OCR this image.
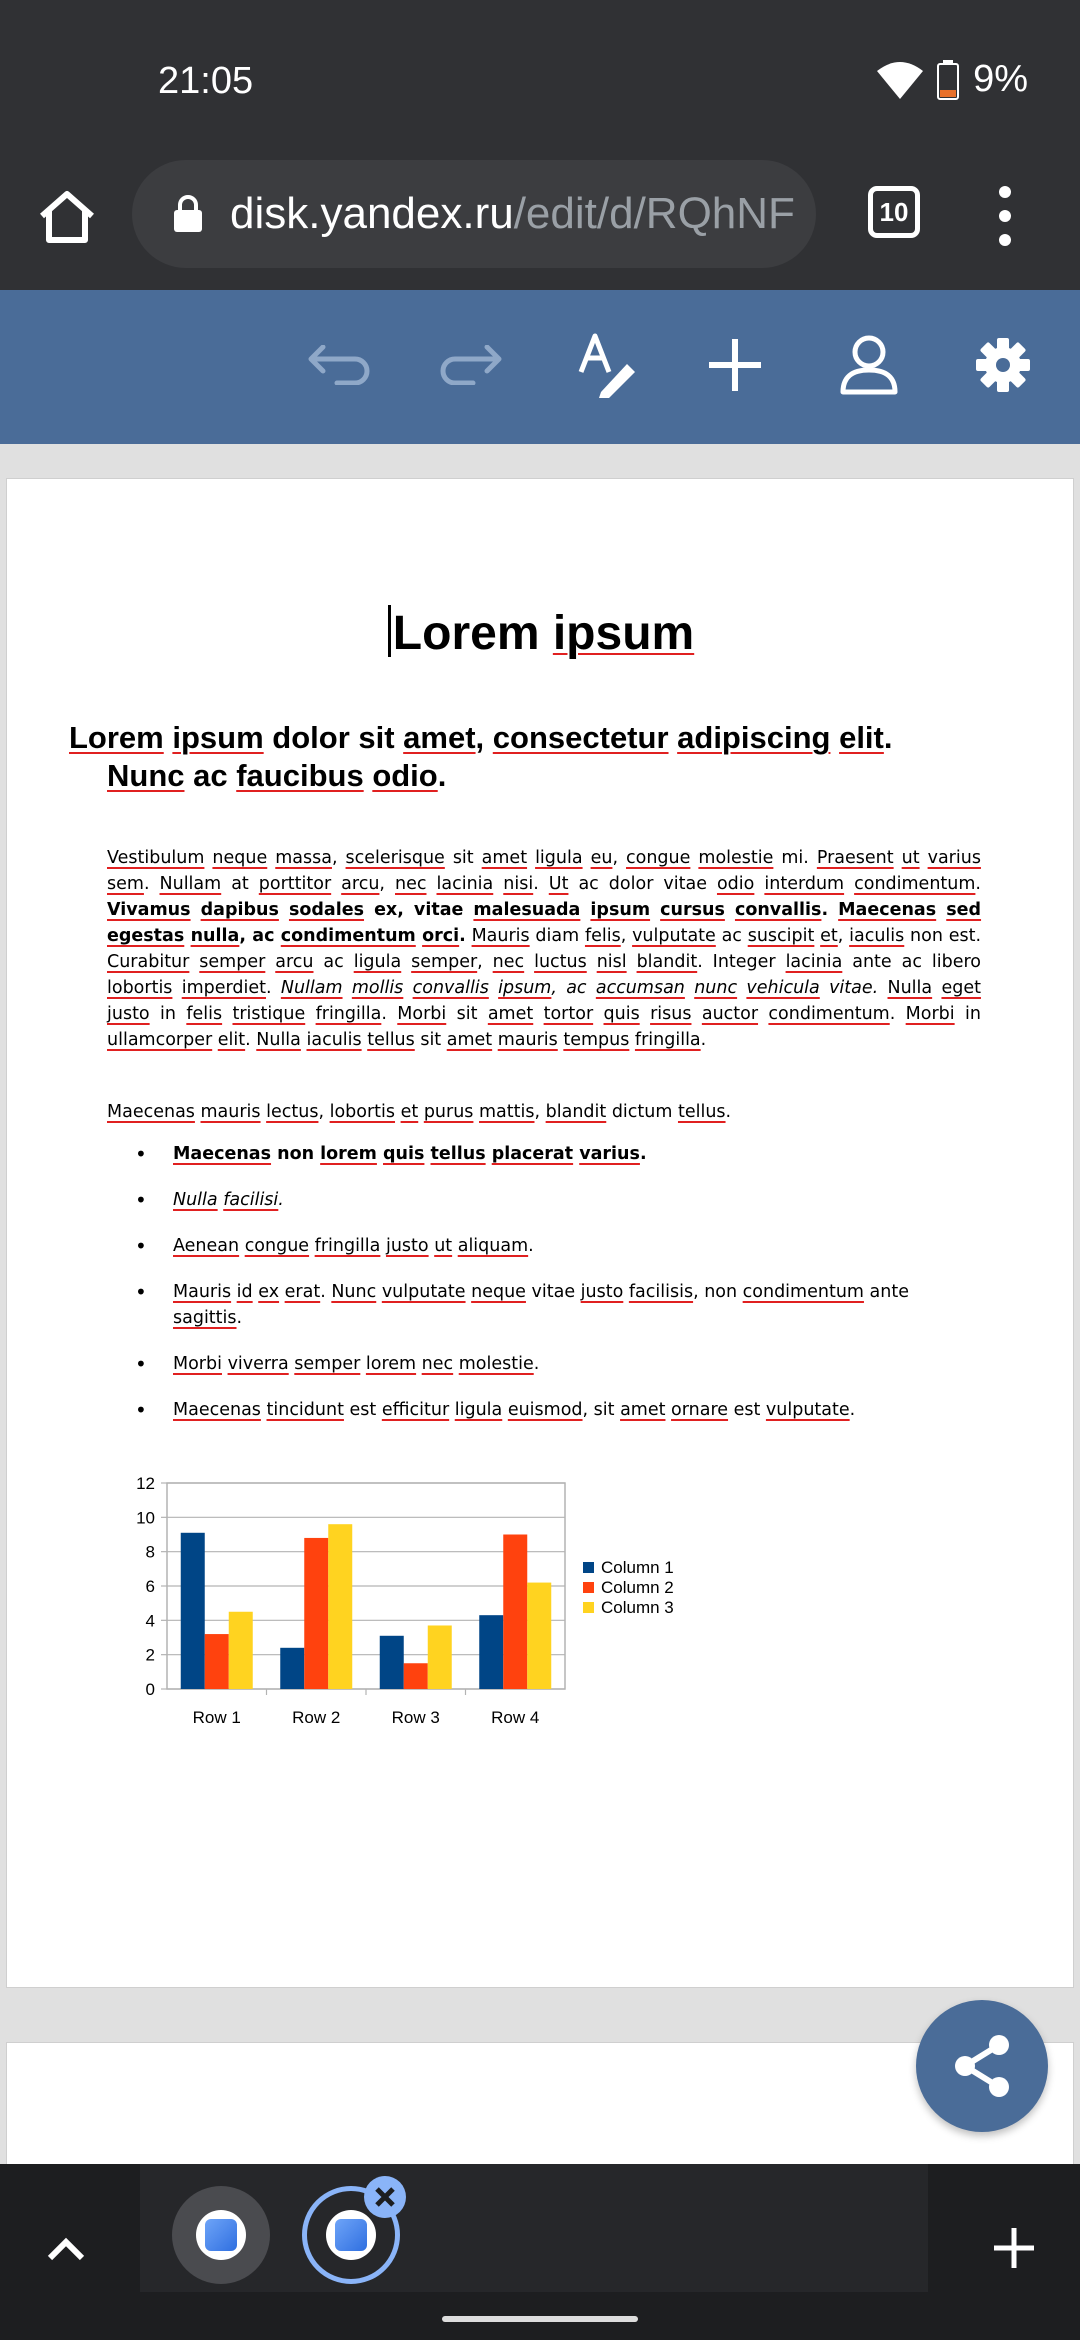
21:05	9%
disk.yandex.ru/edit/d/RQhNF	10
Lorem ipsum
Lorem ipsum dolor sit amet, consectetur adipiscing elit. Nunc ac faucibus odio.
Vestibulum neque massa, scelerisque sit amet ligula eu, congue molestie mi. Praesent ut varius sem. Nullam at porttitor arcu, nec lacinia nisi. Ut ac dolor vitae odio interdum condimentum. Vivamus dapibus sodales ex, vitae malesuada ipsum cursus convallis. Maecenas sed egestas nulla, ac condimentum orci. Mauris diam felis, vulputate ac suscipit et, iaculis non est. Curabitur semper arcu ac ligula semper, nec luctus nisl blandit. Integer lacinia ante ac libero lobortis imperdiet. Nullam mollis convallis ipsum, ac accumsan nunc vehicula vitae. Nulla eget justo in felis tristique fringilla. Morbi sit amet tortor quis risus auctor condimentum. Morbi in ullamcorper elit. Nulla iaculis tellus sit amet mauris tempus fringilla.
Maecenas mauris lectus, lobortis et purus mattis, blandit dictum tellus.
• Maecenas non lorem quis tellus placerat varius.
• Nulla facilisi.
• Aenean congue fringilla justo ut aliquam.
• Mauris id ex erat. Nunc vulputate neque vitae justo facilisis, non condimentum ante sagittis.
• Morbi viverra semper lorem nec molestie.
• Maecenas tincidunt est efficitur ligula euismod, sit amet ornare est vulputate.
0
2
4
6
8
10
12
Row 1	Row 2	Row 3	Row 4
Column 1
Column 2
Column 3
